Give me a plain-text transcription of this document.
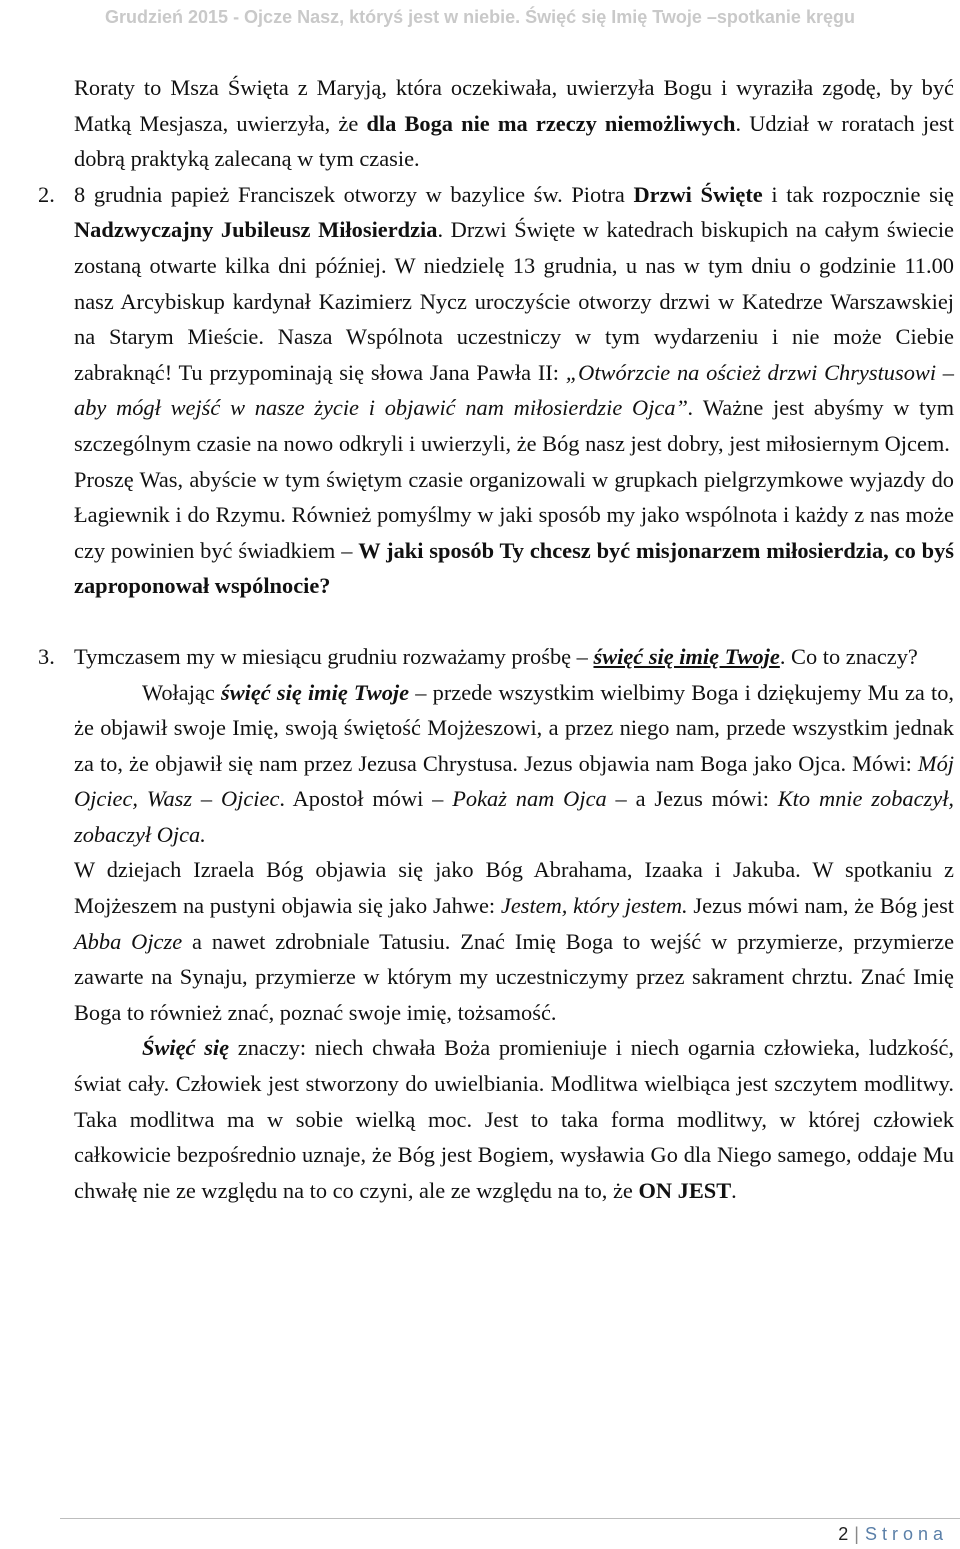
Grudzień 2015 - Ojcze Nasz, któryś jest w niebie. Święć się Imię Twoje –spotkanie kręgu

Roraty to Msza Święta z Maryją, która oczekiwała, uwierzyła Bogu i wyraziła zgodę, by być Matką Mesjasza, uwierzyła, że dla Boga nie ma rzeczy niemożliwych. Udział w roratach jest dobrą praktyką zalecaną w tym czasie.

2. 8 grudnia papież Franciszek otworzy w bazylice św. Piotra Drzwi Święte i tak rozpocznie się Nadzwyczajny Jubileusz Miłosierdzia. Drzwi Święte w katedrach biskupich na całym świecie zostaną otwarte kilka dni później. W niedzielę 13 grudnia, u nas w tym dniu o godzinie 11.00 nasz Arcybiskup kardynał Kazimierz Nycz uroczyście otworzy drzwi w Katedrze Warszawskiej na Starym Mieście. Nasza Wspólnota uczestniczy w tym wydarzeniu i nie może Ciebie zabraknąć! Tu przypominają się słowa Jana Pawła II: „Otwórzcie na oścież drzwi Chrystusowi – aby mógł wejść w nasze życie i objawić nam miłosierdzie Ojca”. Ważne jest abyśmy w tym szczególnym czasie na nowo odkryli i uwierzyli, że Bóg nasz jest dobry, jest miłosiernym Ojcem.

Proszę Was, abyście w tym świętym czasie organizowali w grupkach pielgrzymkowe wyjazdy do Łagiewnik i do Rzymu. Również pomyślmy w jaki sposób my jako wspólnota i każdy z nas może czy powinien być świadkiem – W jaki sposób Ty chcesz być misjonarzem miłosierdzia, co byś zaproponował wspólnocie?

3. Tymczasem my w miesiącu grudniu rozważamy prośbę – święć się imię Twoje. Co to znaczy?

Wołając święć się imię Twoje – przede wszystkim wielbimy Boga i dziękujemy Mu za to, że objawił swoje Imię, swoją świętość Mojżeszowi, a przez niego nam, przede wszystkim jednak za to, że objawił się nam przez Jezusa Chrystusa. Jezus objawia nam Boga jako Ojca. Mówi: Mój Ojciec, Wasz – Ojciec. Apostoł mówi – Pokaż nam Ojca – a Jezus mówi: Kto mnie zobaczył, zobaczył Ojca.

W dziejach Izraela Bóg objawia się jako Bóg Abrahama, Izaaka i Jakuba. W spotkaniu z Mojżeszem na pustyni objawia się jako Jahwe: Jestem, który jestem. Jezus mówi nam, że Bóg jest Abba Ojcze a nawet zdrobniale Tatusiu. Znać Imię Boga to wejść w przymierze, przymierze zawarte na Synaju, przymierze w którym my uczestniczymy przez sakrament chrztu. Znać Imię Boga to również znać, poznać swoje imię, tożsamość.

Święć się znaczy: niech chwała Boża promieniuje i niech ogarnia człowieka, ludzkość, świat cały. Człowiek jest stworzony do uwielbiania. Modlitwa wielbiąca jest szczytem modlitwy. Taka modlitwa ma w sobie wielką moc. Jest to taka forma modlitwy, w której człowiek całkowicie bezpośrednio uznaje, że Bóg jest Bogiem, wysławia Go dla Niego samego, oddaje Mu chwałę nie ze względu na to co czyni, ale ze względu na to, że ON JEST.

2 | Strona
